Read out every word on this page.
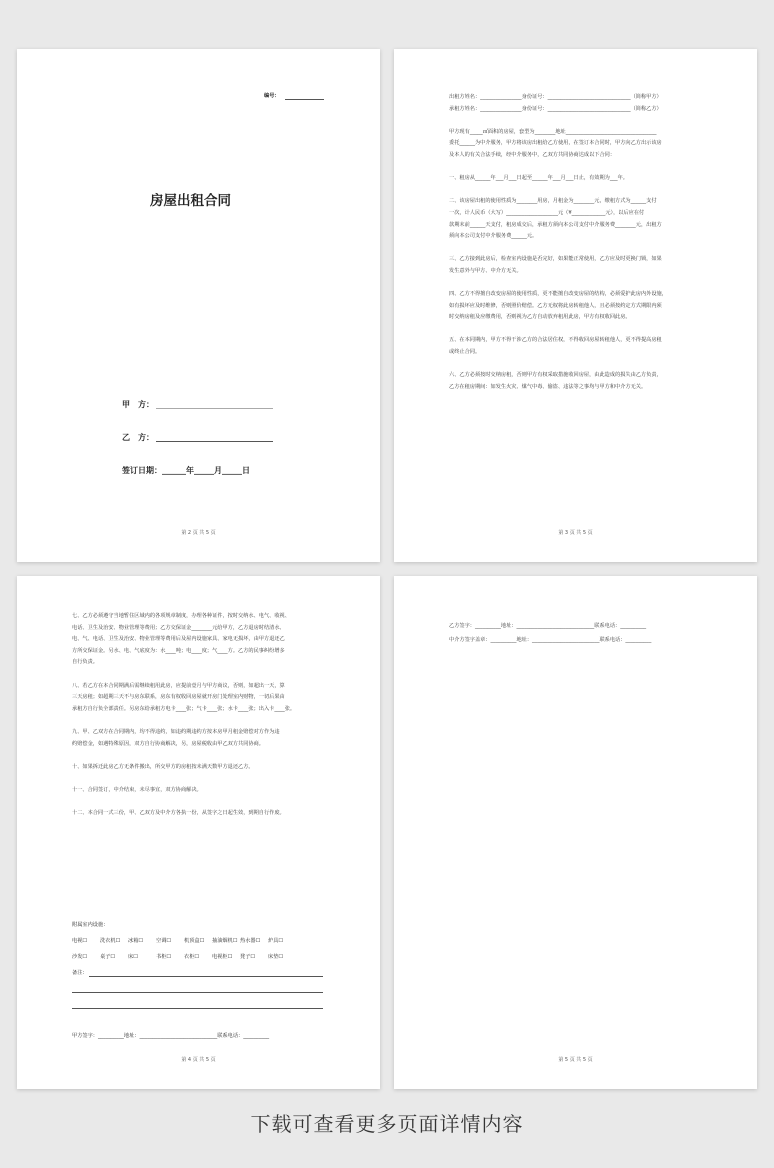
编号：
房屋出租合同
甲　方：
乙　方：
签订日期：______年_____月_____日
第 2 页 共 5 页
出租方姓名：________________身份证号：________________________________（简称甲方）
承租方姓名：________________身份证号：________________________________（简称乙方）
甲方现有_____㎡面积的房屋，套型为________地址___________________________________
委托______为中介服务，甲方将该房出租给乙方使用，在签订本合同时，甲方向乙方出示该房
及本人的有关合法手续，经中介服务中，乙双方共同协商达成以下合同：
一、租房从______年___月___日起至______年___月___日止，有效期为___年。
二、该房屋出租的使用性质为________用房，月租金为________元，缴租方式为______支付
一次，计人民币（大写）____________________元（¥_____________元），以后应在付
款期末前______天支付，租房成交后，承租方须向本公司支付中介服务费________元，出租方
须向本公司支付中介服务费______元。
三、乙方接到此房后，检查室内设施是否完好，如果能正常使用，乙方应及时更换门锁，如果
发生意外与甲方、中介方无关。
四、乙方不得擅自改变房屋的使用性质，更不能擅自改变房屋的结构，必须爱护此房内外设施，
如有损坏应及时维修，否则照价赔偿。乙方无权将此房转租他人，且必须按约定方式期限内须
时交纳房租及应缴费用，否则视为乙方自动放弃租用此房，甲方有权收回此房。
五、在本同期内，甲方不得干涉乙方的合法居住权，不得收回房屋转租他人，更不得提高房租
或终止合同。
六、乙方必须按时交纳房租，否则甲方有权采取措施收回房屋，由此造成的损失由乙方负责，
乙方在租房期间：如发生火灾、煤气中毒、偷盗、违法等之事均与甲方和中介方无关。
第 3 页 共 5 页
七、乙方必须遵守当地暂住区域内的各项规章制度，办理各种证件，按时交纳水、电气、收视、
电话、卫生及治安、物业管理等费用；乙方交保证金________元给甲方，乙方退房时结清水、
电、气、电话、卫生及治安、物业管理等费用后及屋内设施家具、家电无损坏，由甲方退还乙
方所交保证金。另水、电、气底度为：水____吨；电____度；气____方。乙方的民事纠纷增多
自行负责。
八、若乙方在本合同期满后需继续租用此房，应提前壹月与甲方商议，否则，如超出一天，算
三天房租；如超期三天不与房东联系，房东有权收回房屋就开房门处理室内财物，一切后果由
承租方自行负全部责任。另房东给承租方电卡____张；气卡____张；水卡____张；出入卡____张。
九、甲、乙双方在合同期内，均不得违约，如违约期违约方按本房甲月租金赔偿对方作为违
约赔偿金，如遇特殊原因，双方自行协商解决，另，房屋税收由甲乙双方共同协商。
十、如果拆迁此房乙方无条件搬出，所交甲方的房租按未满天数甲方退还乙方。
十一、合同签订，中介结束，未尽事宜，双方协商解决。
十二、本合同一式三份，甲、乙双方及中介方各执一份，从签字之日起生效，到期自行作废。
附属室内设施：
电视☐ 洗衣机☐ 冰箱☐ 空调☐ 机顶盒☐ 抽油烟机☐ 热水器☐ 炉具☐
沙发☐ 桌子☐ 床☐	书柜☐ 衣柜☐ 电视柜☐ 凳子☐ 床垫☐
备注：
甲方签字：__________地址：______________________________联系电话：__________
第 4 页 共 5 页
乙方签字：__________地址：______________________________联系电话：__________
中介方签字盖章：__________地址：__________________________联系电话：__________
第 5 页 共 5 页
下载可查看更多页面详情内容
